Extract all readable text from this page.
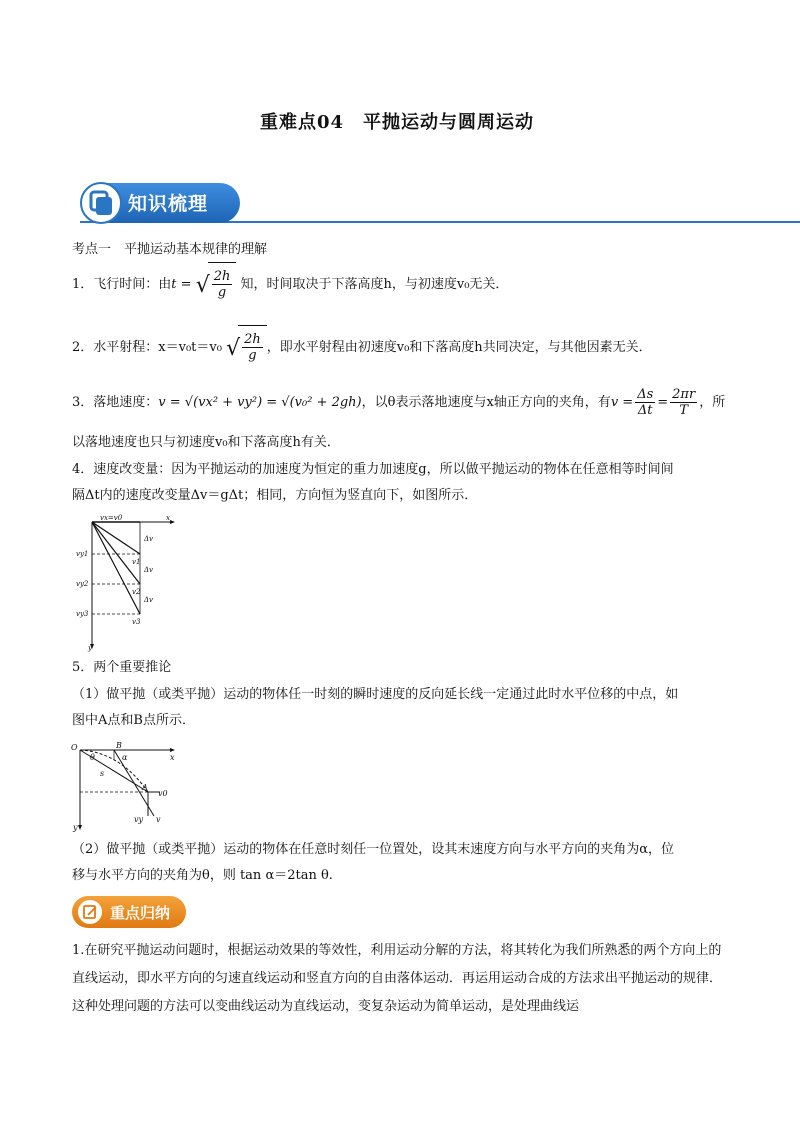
重难点04　平抛运动与圆周运动
知识梳理
考点一　平抛运动基本规律的理解
1．飞行时间：由t = √ $\frac{2h}{g}$ 知，时间取决于下落高度h，与初速度v₀无关．
2．水平射程：x＝v₀t＝v₀ √ $\frac{2h}{g}$ ，即水平射程由初速度v₀和下落高度h共同决定，与其他因素无关．
3．落地速度：v = √(vx² + vy²) = √(v₀² + 2gh)，以θ表示落地速度与x轴正方向的夹角，有$v = \frac{\Delta s}{\Delta t} = \frac{2\pi r}{T}$ ，所
以落地速度也只与初速度v₀和下落高度h有关．
4．速度改变量：因为平抛运动的加速度为恒定的重力加速度g，所以做平抛运动的物体在任意相等时间间
隔Δt内的速度改变量Δv＝gΔt；相同，方向恒为竖直向下，如图所示．
vx=v0	x
y
vy1
vy2
vy3
Δv
Δv
Δv
v1
v2
v3
5．两个重要推论
（1）做平抛（或类平抛）运动的物体任一时刻的瞬时速度的反向延长线一定通过此时水平位移的中点，如
图中A点和B点所示．
O	B
α
θ
s
A
v0
x
y
vy v
（2）做平抛（或类平抛）运动的物体在任意时刻任一位置处，设其末速度方向与水平方向的夹角为α，位
移与水平方向的夹角为θ，则 tan α＝2tan θ.
重点归纳
1.在研究平抛运动问题时，根据运动效果的等效性，利用运动分解的方法，将其转化为我们所熟悉的两个方向上的直线运动，即水平方向的匀速直线运动和竖直方向的自由落体运动．再运用运动合成的方法求出平抛运动的规律．这种处理问题的方法可以变曲线运动为直线运动，变复杂运动为简单运动，是处理曲线运
